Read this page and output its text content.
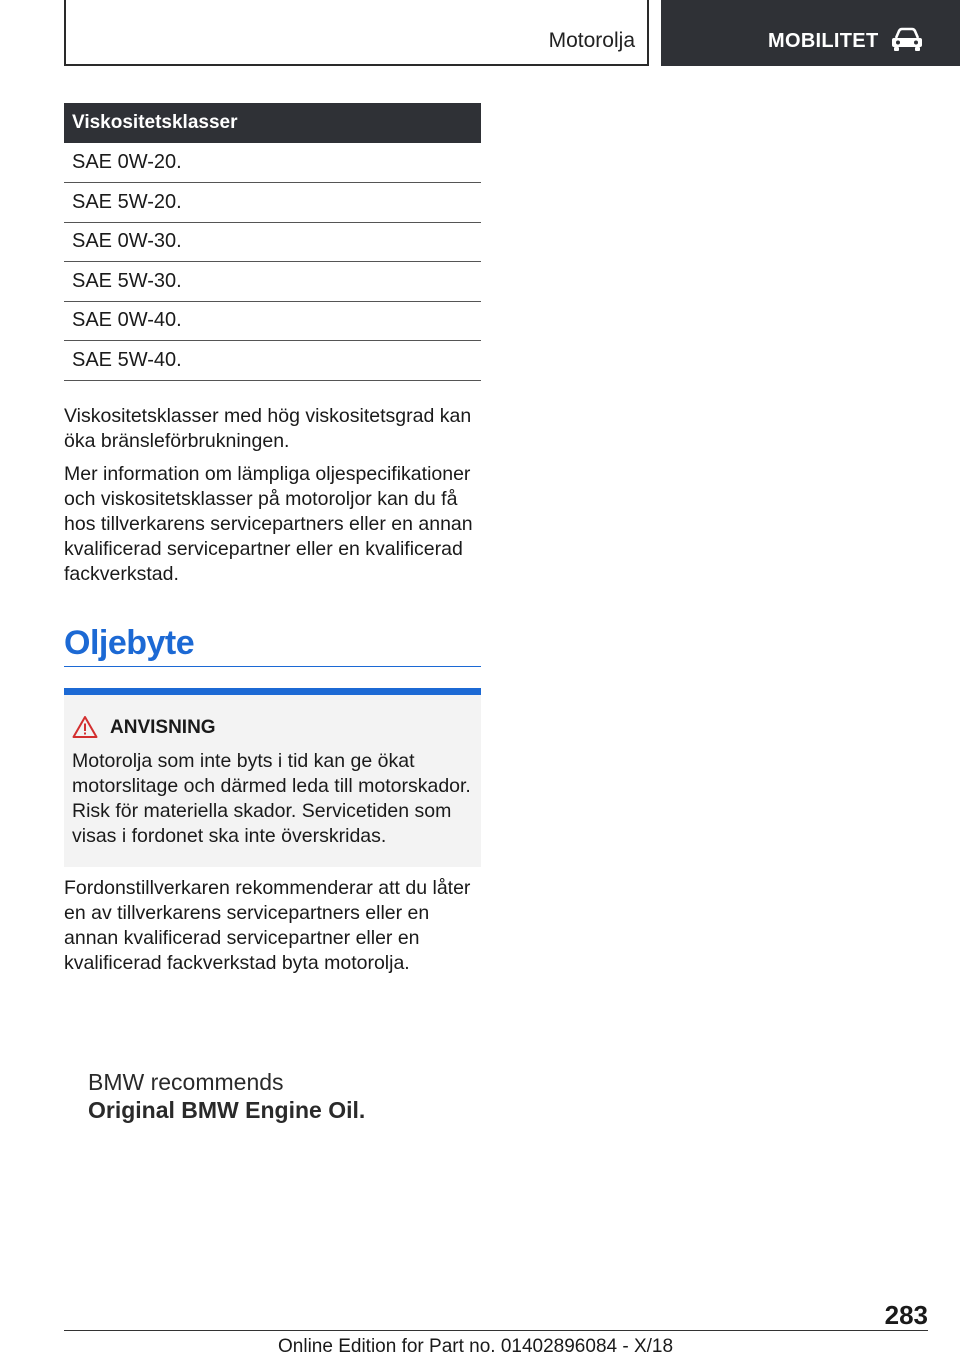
Motorolja	MOBILITET
Viskositetsklasser
SAE 0W-20.
SAE 5W-20.
SAE 0W-30.
SAE 5W-30.
SAE 0W-40.
SAE 5W-40.

Viskositetsklasser med hög viskositetsgrad kan öka bränsleförbrukningen.

Mer information om lämpliga oljespecifikationer och viskositetsklasser på motoroljor kan du få hos tillverkarens servicepartners eller en annan kvalificerad servicepartner eller en kvalificerad fackverkstad.

Oljebyte
ANVISNING

Motorolja som inte byts i tid kan ge ökat motorslitage och därmed leda till motorskador. Risk för materiella skador. Servicetiden som visas i fordonet ska inte överskridas.

Fordonstillverkaren rekommenderar att du låter en av tillverkarens servicepartners eller en annan kvalificerad servicepartner eller en kvalificerad fackverkstad byta motorolja.

BMW recommends
Original BMW Engine Oil.
283
Online Edition for Part no. 01402896084 - X/18
